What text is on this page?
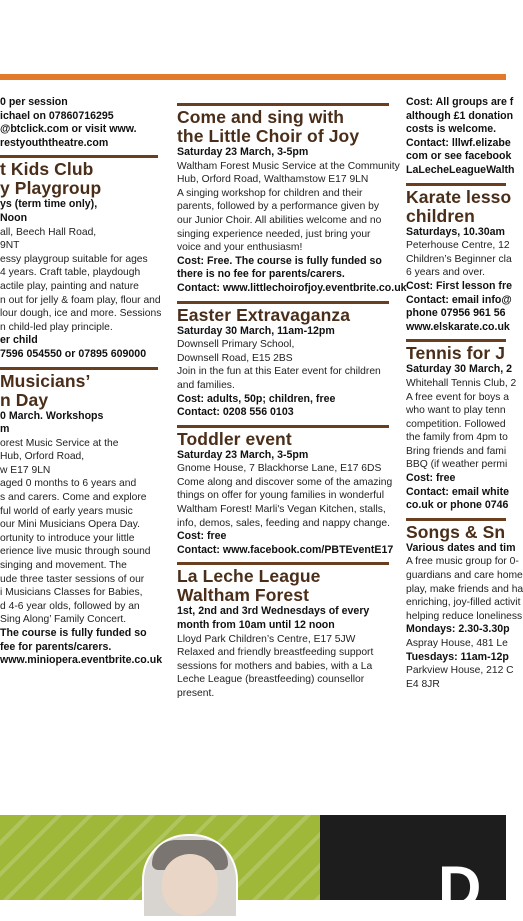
0 per session
ichael on 07860716295
@btclick.com or visit www.
restyouththeatre.com
t Kids Club
y Playgroup
ys (term time only),
Noon
all, Beech Hall Road,
9NT
essy playgroup suitable for ages
4 years. Craft table, playdough
actile play, painting and nature
n out for jelly & foam play, flour and
lour dough, ice and more. Sessions
n child-led play principle.
er child
7596 054550 or 07895 609000
Musicians’
n Day
0 March. Workshops
m
orest Music Service at the
Hub, Orford Road,
w E17 9LN
aged 0 months to 6 years and
s and carers. Come and explore
ful world of early years music
our Mini Musicians Opera Day.
ortunity to introduce your little
erience live music through sound
singing and movement. The
ude three taster sessions of our
i Musicians Classes for Babies,
d 4-6 year olds, followed by an
Sing Along’ Family Concert.
The course is fully funded so
fee for parents/carers.
www.miniopera.eventbrite.co.uk
Come and sing with
the Little Choir of Joy
Saturday 23 March, 3-5pm
Waltham Forest Music Service at the Community
Hub, Orford Road, Walthamstow E17 9LN
A singing workshop for children and their
parents, followed by a performance given by
our Junior Choir. All abilities welcome and no
singing experience needed, just bring your
voice and your enthusiasm!
Cost: Free. The course is fully funded so
there is no fee for parents/carers.
Contact: www.littlechoirofjoy.eventbrite.co.uk
Easter Extravaganza
Saturday 30 March, 11am-12pm
Downsell Primary School,
Downsell Road, E15 2BS
Join in the fun at this Eater event for children
and families.
Cost: adults, 50p; children, free
Contact: 0208 556 0103
Toddler event
Saturday 23 March, 3-5pm
Gnome House, 7 Blackhorse Lane, E17 6DS
Come along and discover some of the amazing
things on offer for young families in wonderful
Waltham Forest! Marli's Vegan Kitchen, stalls,
info, demos, sales, feeding and nappy change.
Cost: free
Contact: www.facebook.com/PBTEventE17
La Leche League
Waltham Forest
1st, 2nd and 3rd Wednesdays of every
month from 10am until 12 noon
Lloyd Park Children’s Centre, E17 5JW
Relaxed and friendly breastfeeding support
sessions for mothers and babies, with a La
Leche League (breastfeeding) counsellor
present.
Cost: All groups are f
although £1 donation
costs is welcome.
Contact: lllwf.elizabe
com or see facebook
LaLecheLeagueWalth
Karate lesso
children
Saturdays, 10.30am
Peterhouse Centre, 12
Children’s Beginner cla
6 years and over.
Cost: First lesson fre
Contact: email info@
phone 07956 961 56
www.elskarate.co.uk
Tennis for J
Saturday 30 March, 2
Whitehall Tennis Club, 2
A free event for boys a
who want to play tenn
competition. Followed
the family from 4pm to
Bring friends and fami
BBQ (if weather permi
Cost: free
Contact: email white
co.uk or phone 0746
Songs & Sn
Various dates and tim
A free music group for 0-
guardians and care home
play, make friends and ha
enriching, joy-filled activit
helping reduce loneliness
Mondays: 2.30-3.30p
Aspray House, 481 Le
Tuesdays: 11am-12p
Parkview House, 212 C
E4 8JR
D
